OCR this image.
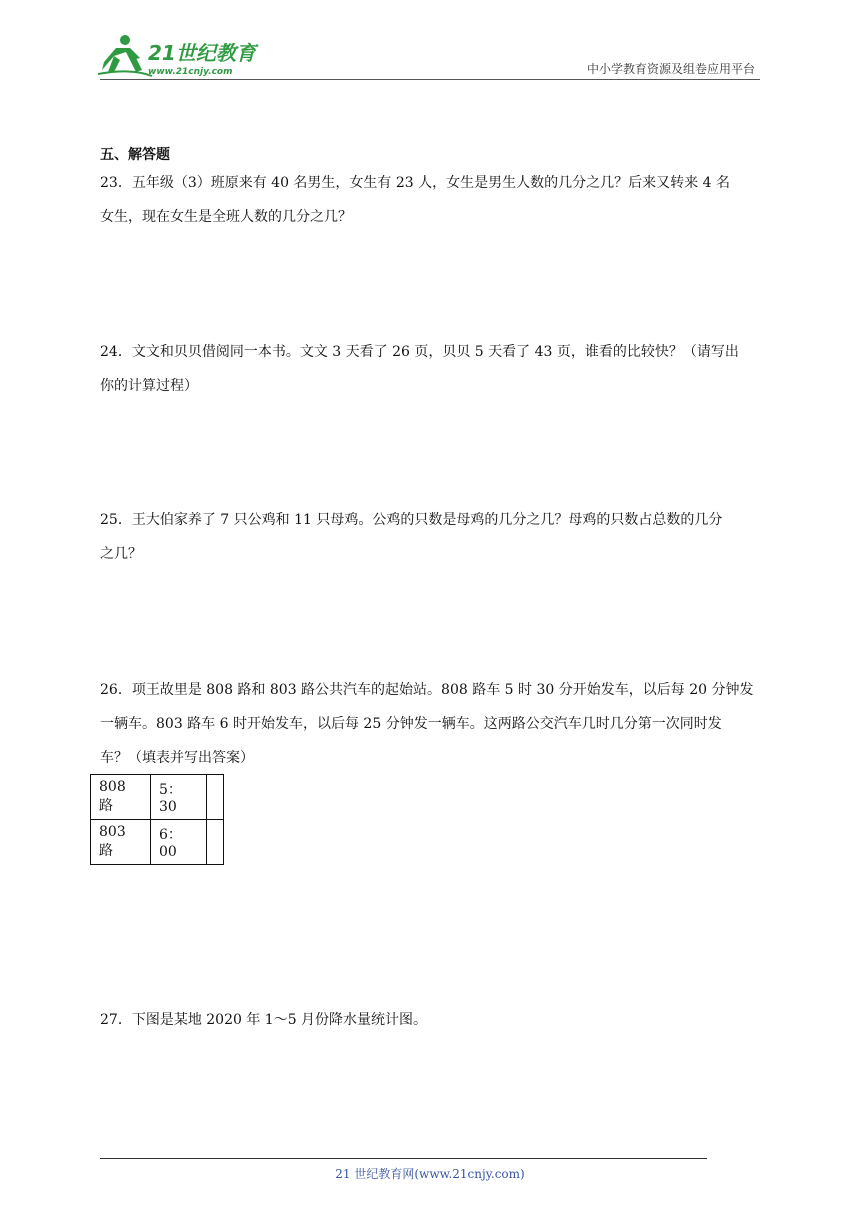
21世纪教育
www.21cnjy.com	中小学教育资源及组卷应用平台
五、解答题

23．五年级（3）班原来有 40 名男生，女生有 23 人，女生是男生人数的几分之几？后来又转来 4 名

女生，现在女生是全班人数的几分之几？

24．文文和贝贝借阅同一本书。文文 3 天看了 26 页，贝贝 5 天看了 43 页，谁看的比较快？（请写出

你的计算过程）

25．王大伯家养了 7 只公鸡和 11 只母鸡。公鸡的只数是母鸡的几分之几？母鸡的只数占总数的几分

之几？

26．项王故里是 808 路和 803 路公共汽车的起始站。808 路车 5 时 30 分开始发车，以后每 20 分钟发

一辆车。803 路车 6 时开始发车，以后每 25 分钟发一辆车。这两路公交汽车几时几分第一次同时发

车？（填表并写出答案）

808 路	5：30	
803 路	6：00	

27．下图是某地 2020 年 1～5 月份降水量统计图。

21 世纪教育网(www.21cnjy.com)
